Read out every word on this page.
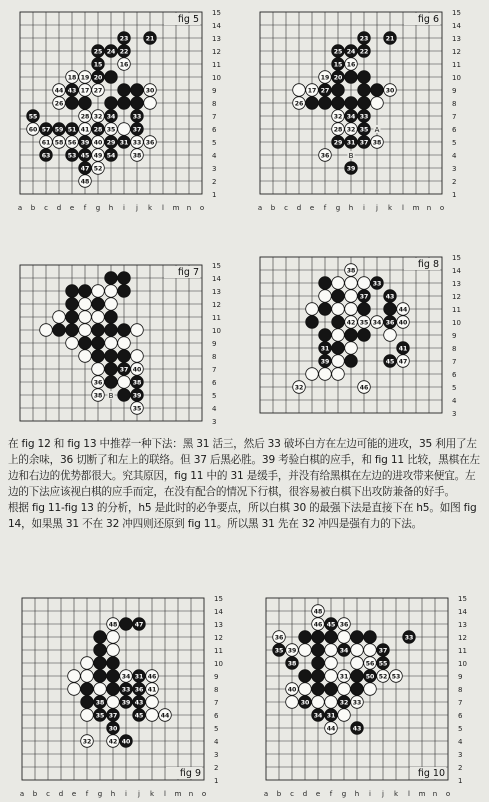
15
14
13
12
11
10
9
8
7
6
5
4
3
2
1
a b c d e f g h i j k l m n o
fig 5
23	21
25 24 22
15	16
18 19 20
44 43 17 27	30
26
55	28 32 34	33
60 57 59 51 41 28 35	37
61 58 56 39 40 29 31 33 36
63	53 45 49 54	38
47 52
48
15
14
13
12
11
10
9
8
7
6
5
4
3
2
1
a b c d e f g h i j k l m n o
fig 6
23	21
25 24 22
15 16
19 20
17 27	30
26
32 34 33
28 32 35
29 31 37 38
36
39
A
B
15
14
13
12
11
10
9
8
7
6
5
4
3
fig 7
37 40
36	38
38	39
35
B
15
14
13
12
11
10
9
8
7
6
5
4
3
fig 8
38
33
37	43
44
42 35 34 36 40
31	41
39	45 47
32	46

在 fig 12 和 fig 13 中推荐一种下法：黑 31 活三，然后 33 破坏白方在左边可能的进攻，35 利用了左上的余味，36 切断了和左上的联络。但 37 后黑必胜。39 考验白棋的应手，和 fig 11 比较，黑棋在左边和右边的优势都很大。究其原因，fig 11 中的 31 是缓手，并没有给黑棋在左边的进攻带来便宜。左边的下法应该视白棋的应手而定，在没有配合的情况下行棋，很容易被白棋下出攻防兼备的好手。

根据 fig 11-fig 13 的分析，h5 是此时的必争要点，所以白棋 30 的最强下法是直接下在 h5。如图 fig 14，如果黑 31 不在 32 冲四则还原到 fig 11。所以黑 31 先在 32 冲四是强有力的下法。

15
14
13
12
11
10
9
8
7
6
5
4
3
2
1
a b c d e f g h i j k l m n o
fig 9
48	47
34 31 46
33 36 41
38	39 43
35 37	45	44
30
32	42 40
15
14
13
12
11
10
9
8
7
6
5
4
3
2
1
a b c d e f g h i j k l m n o
fig 10
48
46 45 36
36	33
35 39	34	37
38	56 55
31	50 52 53
40
30	32 33
34 31
44	43
